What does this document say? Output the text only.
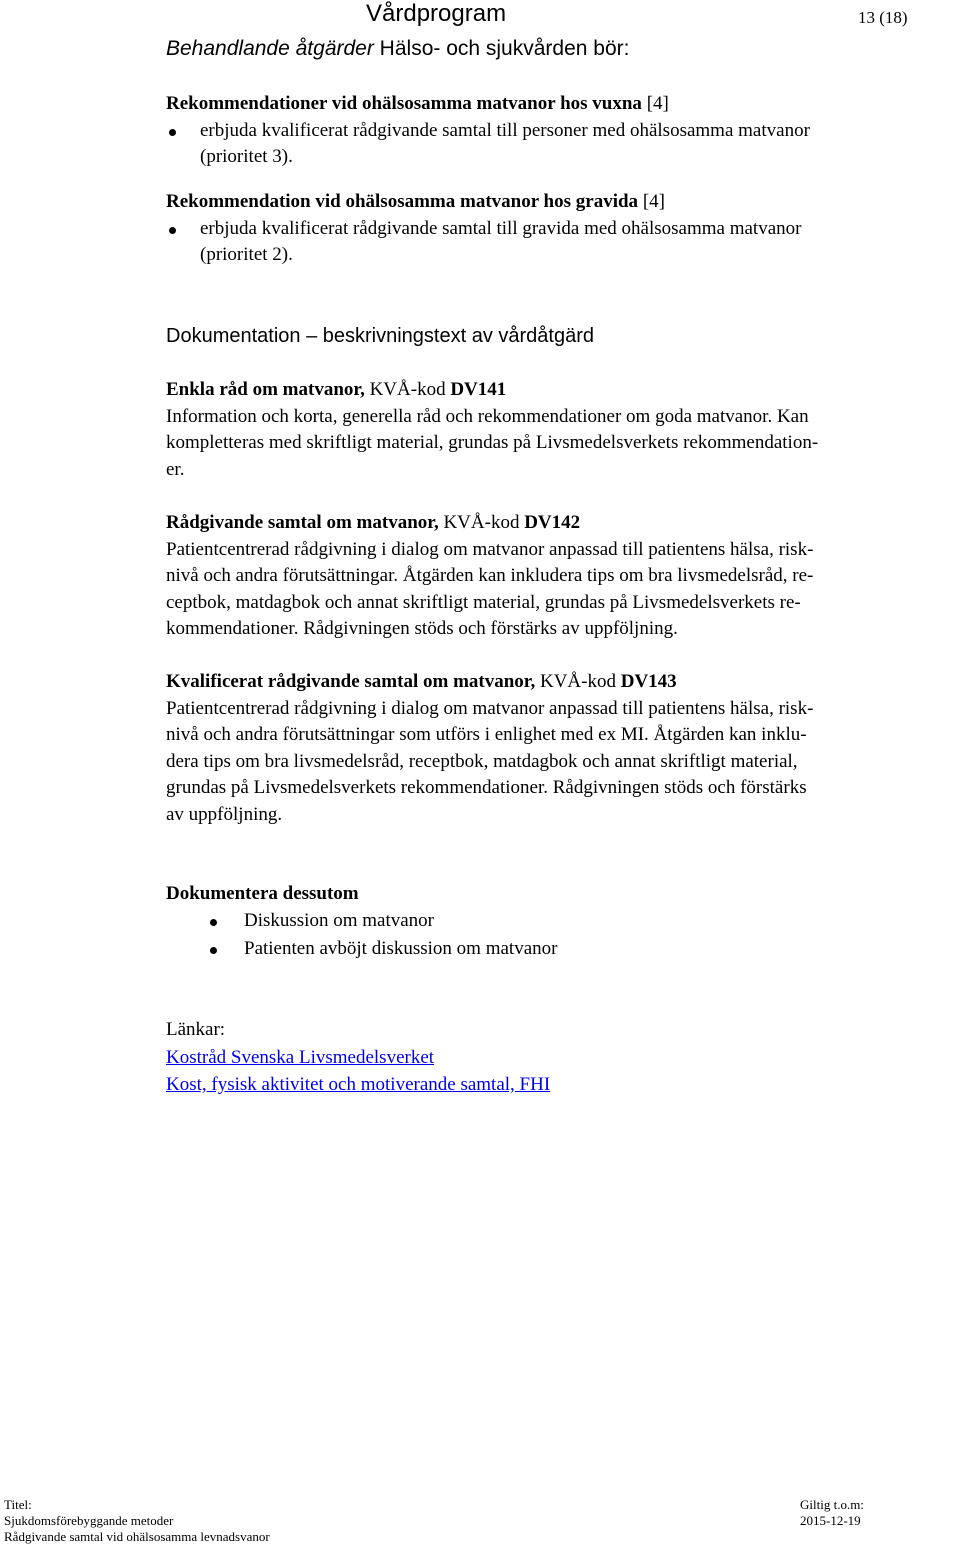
Vårdprogram	13 (18)
Behandlande åtgärder Hälso- och sjukvården bör:

Rekommendationer vid ohälsosamma matvanor hos vuxna [4]

erbjuda kvalificerat rådgivande samtal till personer med ohälsosamma matvanor

(prioritet 3).

Rekommendation vid ohälsosamma matvanor hos gravida [4]

erbjuda kvalificerat rådgivande samtal till gravida med ohälsosamma matvanor

(prioritet 2).

Dokumentation – beskrivningstext av vårdåtgärd

Enkla råd om matvanor, KVÅ-kod DV141

Information och korta, generella råd och rekommendationer om goda matvanor. Kan

kompletteras med skriftligt material, grundas på Livsmedelsverkets rekommendation-

er.

Rådgivande samtal om matvanor, KVÅ-kod DV142

Patientcentrerad rådgivning i dialog om matvanor anpassad till patientens hälsa, risk-

nivå och andra förutsättningar. Åtgärden kan inkludera tips om bra livsmedelsråd, re-

ceptbok, matdagbok och annat skriftligt material, grundas på Livsmedelsverkets re-

kommendationer. Rådgivningen stöds och förstärks av uppföljning.

Kvalificerat rådgivande samtal om matvanor, KVÅ-kod DV143

Patientcentrerad rådgivning i dialog om matvanor anpassad till patientens hälsa, risk-

nivå och andra förutsättningar som utförs i enlighet med ex MI. Åtgärden kan inklu-

dera tips om bra livsmedelsråd, receptbok, matdagbok och annat skriftligt material,

grundas på Livsmedelsverkets rekommendationer. Rådgivningen stöds och förstärks

av uppföljning.

Dokumentera dessutom

Diskussion om matvanor

Patienten avböjt diskussion om matvanor

Länkar:

Kostråd Svenska Livsmedelsverket

Kost, fysisk aktivitet och motiverande samtal, FHI

Titel:
Sjukdomsförebyggande metoder
Rådgivande samtal vid ohälsosamma levnadsvanor
Giltig t.o.m:
2015-12-19
